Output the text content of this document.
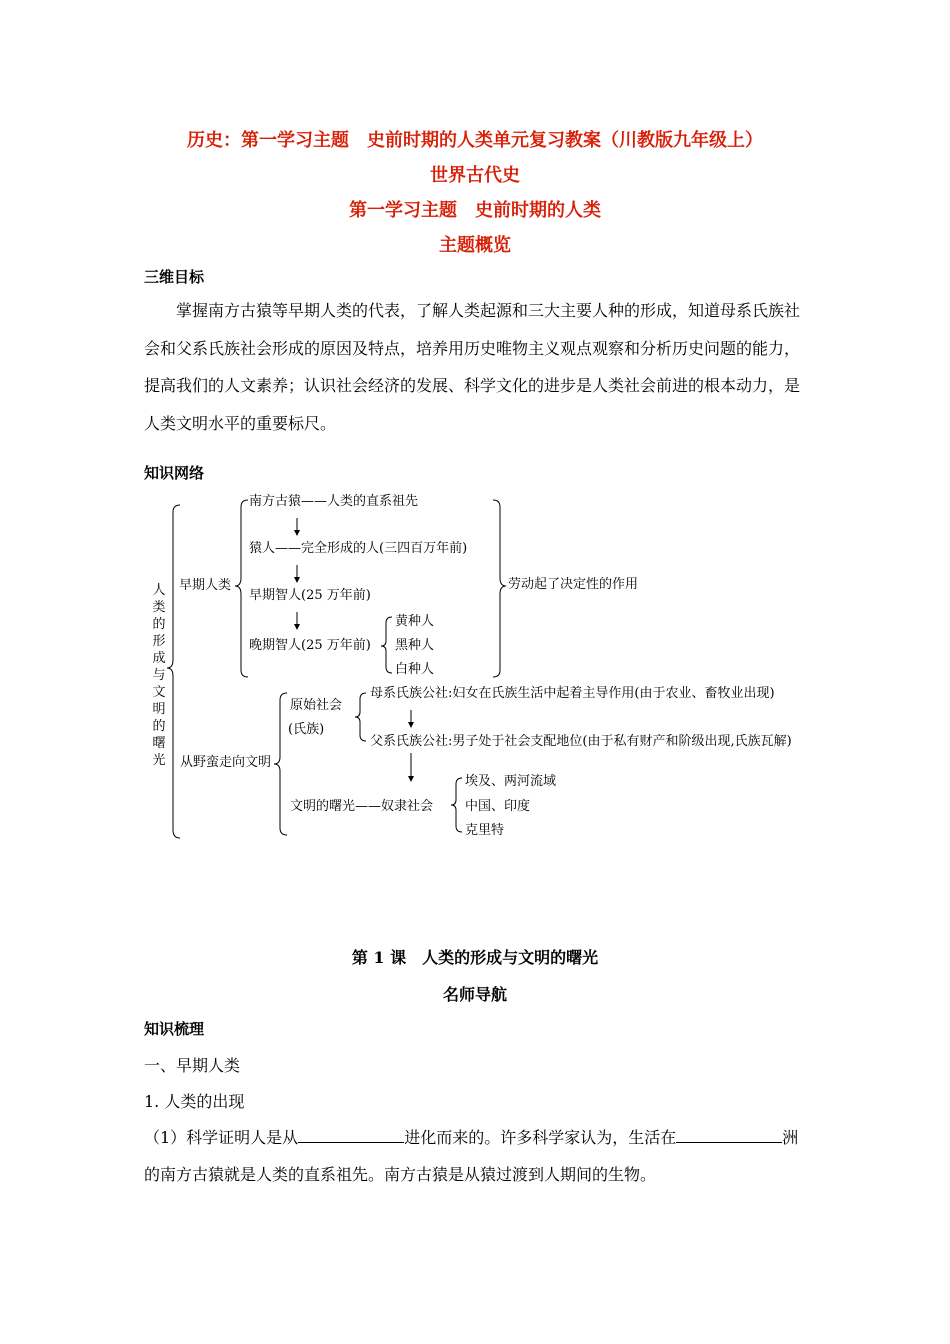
历史：第一学习主题　史前时期的人类单元复习教案（川教版九年级上）
世界古代史
第一学习主题　史前时期的人类
主题概览
三维目标
掌握南方古猿等早期人类的代表，了解人类起源和三大主要人种的形成，知道母系氏族社会和父系氏族社会形成的原因及特点，培养用历史唯物主义观点观察和分析历史问题的能力，提高我们的人文素养；认识社会经济的发展、科学文化的进步是人类社会前进的根本动力，是人类文明水平的重要标尺。
知识网络
人
类
的
形
成
与
文
明
的
曙
光
早期人类
南方古猿——人类的直系祖先
猿人——完全形成的人(三四百万年前)
早期智人(25 万年前)
晚期智人(25 万年前)
黄种人
黑种人
白种人
劳动起了决定性的作用
从野蛮走向文明
原始社会
(氏族)
母系氏族公社:妇女在氏族生活中起着主导作用(由于农业、畜牧业出现)
父系氏族公社:男子处于社会支配地位(由于私有财产和阶级出现,氏族瓦解)
文明的曙光——奴隶社会
埃及、两河流域
中国、印度
克里特
第 1 课　人类的形成与文明的曙光
名师导航
知识梳理
一、早期人类
1. 人类的出现
（1）科学证明人是从	进化而来的。许多科学家认为，生活在	洲
的南方古猿就是人类的直系祖先。南方古猿是从猿过渡到人期间的生物。
